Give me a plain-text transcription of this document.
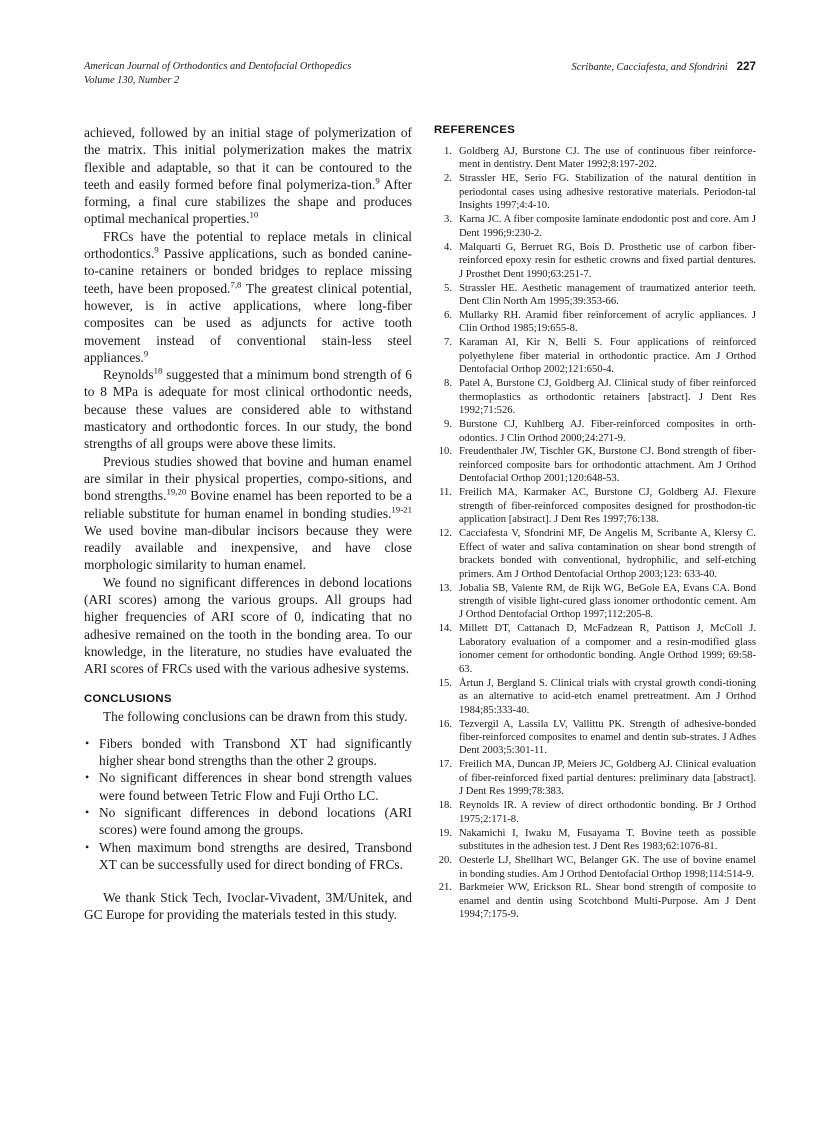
American Journal of Orthodontics and Dentofacial Orthopedics
Volume 130, Number 2
Scribante, Cacciafesta, and Sfondrini 227

achieved, followed by an initial stage of polymerization of the matrix. This initial polymerization makes the matrix flexible and adaptable, so that it can be contoured to the teeth and easily formed before final polymeriza-tion.$^9$ After forming, a final cure stabilizes the shape and produces optimal mechanical properties.$^{10}$

FRCs have the potential to replace metals in clinical orthodontics.$^9$ Passive applications, such as bonded canine-to-canine retainers or bonded bridges to replace missing teeth, have been proposed.$^{7,8}$ The greatest clinical potential, however, is in active applications, where long-fiber composites can be used as adjuncts for active tooth movement instead of conventional stain-less steel appliances.$^9$

Reynolds$^{18}$ suggested that a minimum bond strength of 6 to 8 MPa is adequate for most clinical orthodontic needs, because these values are considered able to withstand masticatory and orthodontic forces. In our study, the bond strengths of all groups were above these limits.

Previous studies showed that bovine and human enamel are similar in their physical properties, compo-sitions, and bond strengths.$^{19,20}$ Bovine enamel has been reported to be a reliable substitute for human enamel in bonding studies.$^{19-21}$ We used bovine man-dibular incisors because they were readily available and inexpensive, and have close morphologic similarity to human enamel.

We found no significant differences in debond locations (ARI scores) among the various groups. All groups had higher frequencies of ARI score of 0, indicating that no adhesive remained on the tooth in the bonding area. To our knowledge, in the literature, no studies have evaluated the ARI scores of FRCs used with the various adhesive systems.

CONCLUSIONS

The following conclusions can be drawn from this study.

• Fibers bonded with Transbond XT had significantly higher shear bond strengths than the other 2 groups.
• No significant differences in shear bond strength values were found between Tetric Flow and Fuji Ortho LC.
• No significant differences in debond locations (ARI scores) were found among the groups.
• When maximum bond strengths are desired, Transbond XT can be successfully used for direct bonding of FRCs.

We thank Stick Tech, Ivoclar-Vivadent, 3M/Unitek, and GC Europe for providing the materials tested in this study.

REFERENCES
1. Goldberg AJ, Burstone CJ. The use of continuous fiber reinforce-ment in dentistry. Dent Mater 1992;8:197-202.
2. Strassler HE, Serio FG. Stabilization of the natural dentition in periodontal cases using adhesive restorative materials. Periodon-tal Insights 1997;4:4-10.
3. Karna JC. A fiber composite laminate endodontic post and core. Am J Dent 1996;9:230-2.
4. Malquarti G, Berruet RG, Bois D. Prosthetic use of carbon fiber-reinforced epoxy resin for esthetic crowns and fixed partial dentures. J Prosthet Dent 1990;63:251-7.
5. Strassler HE. Aesthetic management of traumatized anterior teeth. Dent Clin North Am 1995;39:353-66.
6. Mullarky RH. Aramid fiber reinforcement of acrylic appliances. J Clin Orthod 1985;19:655-8.
7. Karaman AI, Kir N, Belli S. Four applications of reinforced polyethylene fiber material in orthodontic practice. Am J Orthod Dentofacial Orthop 2002;121:650-4.
8. Patel A, Burstone CJ, Goldberg AJ. Clinical study of fiber reinforced thermoplastics as orthodontic retainers [abstract]. J Dent Res 1992;71:526.
9. Burstone CJ, Kuhlberg AJ. Fiber-reinforced composites in orth-odontics. J Clin Orthod 2000;24:271-9.
10. Freudenthaler JW, Tischler GK, Burstone CJ. Bond strength of fiber-reinforced composite bars for orthodontic attachment. Am J Orthod Dentofacial Orthop 2001;120:648-53.
11. Freilich MA, Karmaker AC, Burstone CJ, Goldberg AJ. Flexure strength of fiber-reinforced composites designed for prosthodon-tic application [abstract]. J Dent Res 1997;76:138.
12. Cacciafesta V, Sfondrini MF, De Angelis M, Scribante A, Klersy C. Effect of water and saliva contamination on shear bond strength of brackets bonded with conventional, hydrophilic, and self-etching primers. Am J Orthod Dentofacial Orthop 2003;123: 633-40.
13. Jobalia SB, Valente RM, de Rijk WG, BeGole EA, Evans CA. Bond strength of visible light-cured glass ionomer orthodontic cement. Am J Orthod Dentofacial Orthop 1997;112:205-8.
14. Millett DT, Cattanach D, McFadzean R, Pattison J, McColl J. Laboratory evaluation of a compomer and a resin-modified glass ionomer cement for orthodontic bonding. Angle Orthod 1999; 69:58-63.
15. Årtun J, Bergland S. Clinical trials with crystal growth condi-tioning as an alternative to acid-etch enamel pretreatment. Am J Orthod 1984;85:333-40.
16. Tezvergil A, Lassila LV, Vallittu PK. Strength of adhesive-bonded fiber-reinforced composites to enamel and dentin sub-strates. J Adhes Dent 2003;5:301-11.
17. Freilich MA, Duncan JP, Meiers JC, Goldberg AJ. Clinical evaluation of fiber-reinforced fixed partial dentures: preliminary data [abstract]. J Dent Res 1999;78:383.
18. Reynolds IR. A review of direct orthodontic bonding. Br J Orthod 1975;2:171-8.
19. Nakamichi I, Iwaku M, Fusayama T. Bovine teeth as possible substitutes in the adhesion test. J Dent Res 1983;62:1076-81.
20. Oesterle LJ, Shellhart WC, Belanger GK. The use of bovine enamel in bonding studies. Am J Orthod Dentofacial Orthop 1998;114:514-9.
21. Barkmeier WW, Erickson RL. Shear bond strength of composite to enamel and dentin using Scotchbond Multi-Purpose. Am J Dent 1994;7:175-9.
